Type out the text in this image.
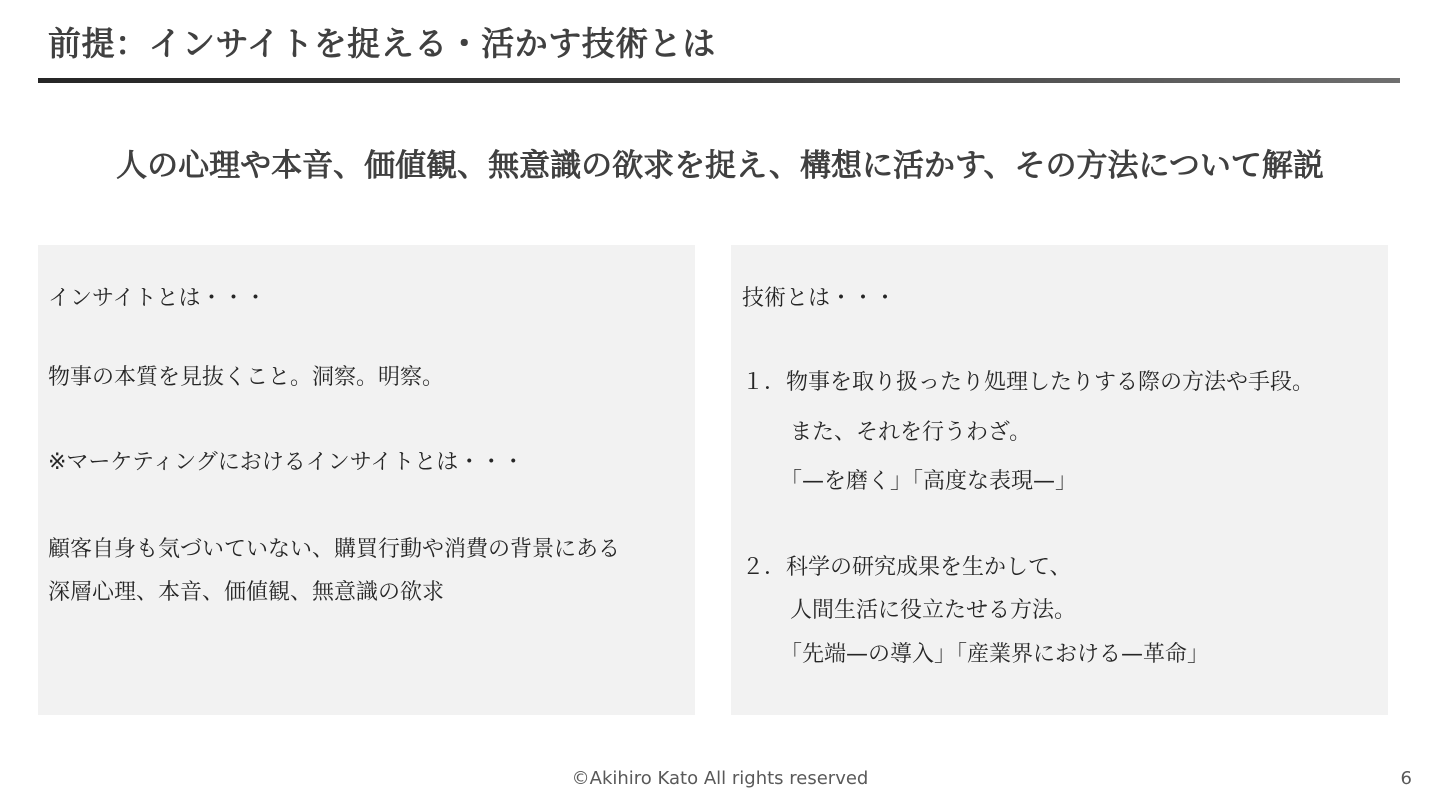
前提：インサイトを捉える・活かす技術とは
人の心理や本音、価値観、無意識の欲求を捉え、構想に活かす、その方法について解説
インサイトとは・・・
物事の本質を見抜くこと。洞察。明察。
※マーケティングにおけるインサイトとは・・・
顧客自身も気づいていない、購買行動や消費の背景にある
深層心理、本音、価値観、無意識の欲求
技術とは・・・
１．物事を取り扱ったり処理したりする際の方法や手段。
また、それを行うわざ。
「—を磨く」「高度な表現—」
２．科学の研究成果を生かして、
人間生活に役立たせる方法。
「先端—の導入」「産業界における—革命」
©Akihiro Kato All rights reserved	6
